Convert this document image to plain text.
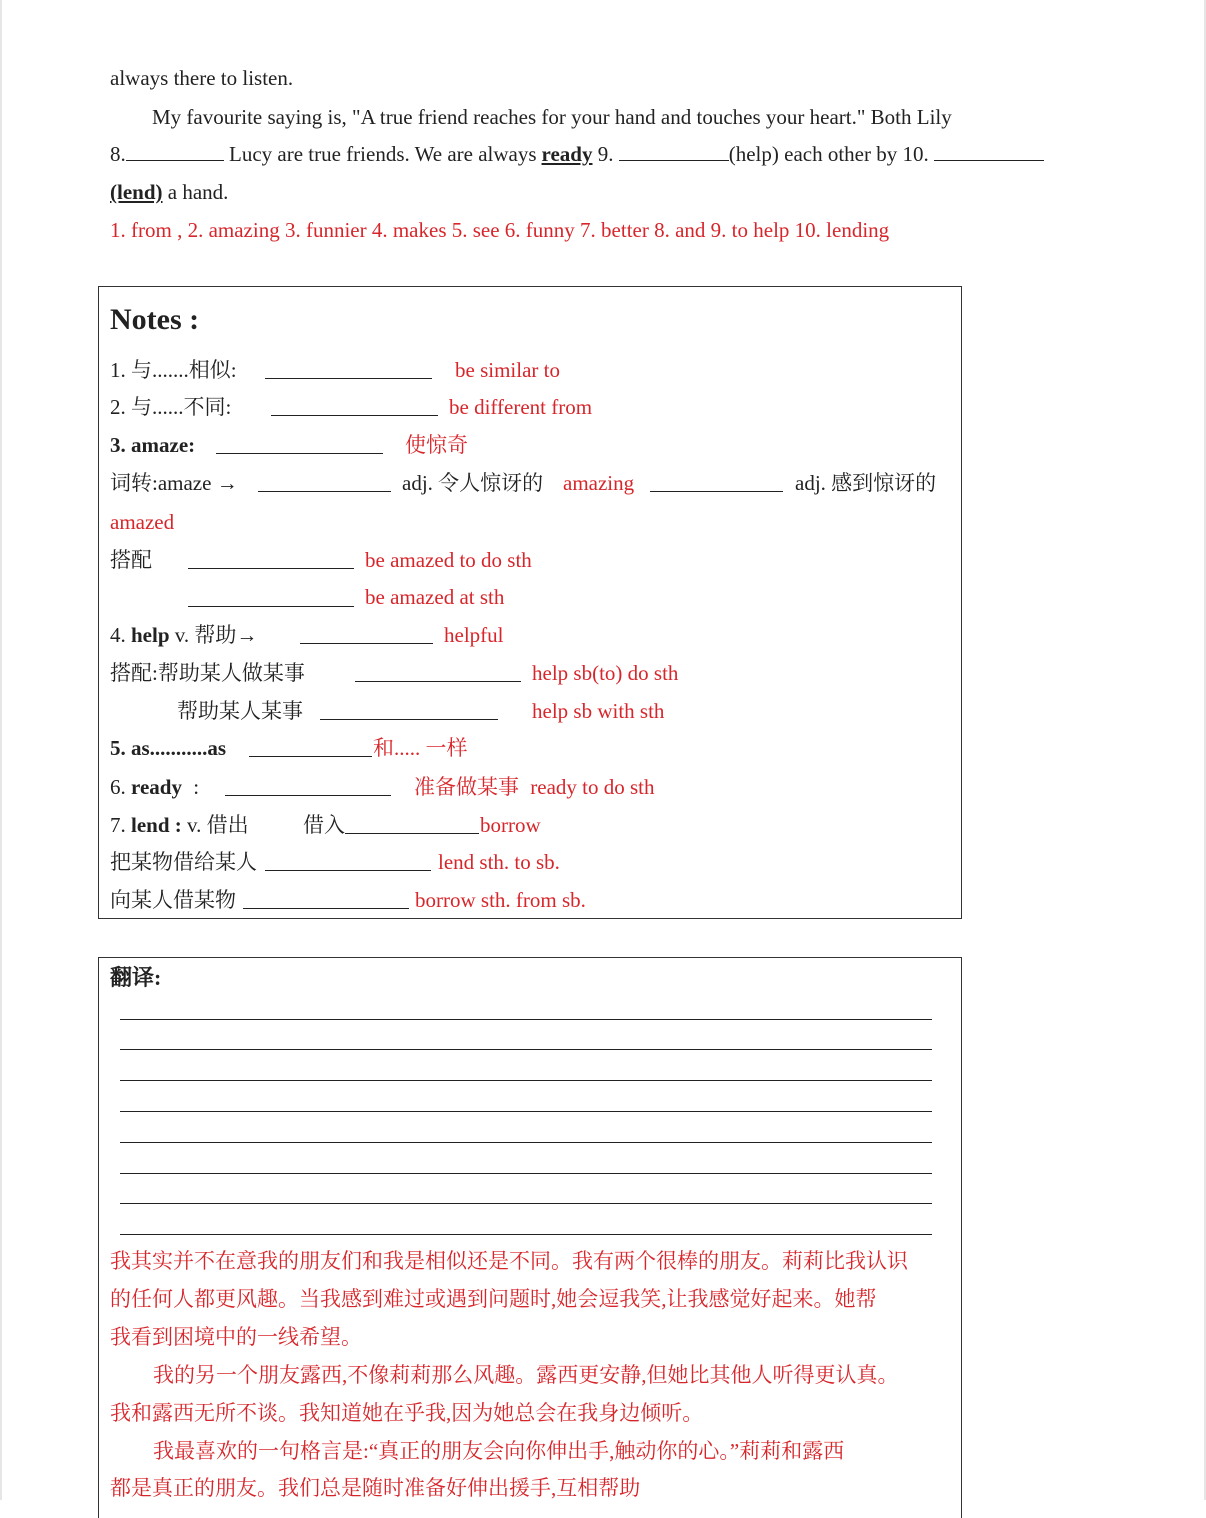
always there to listen.
My favourite saying is, "A true friend reaches for your hand and touches your heart." Both Lily
8.	Lucy are true friends. We are always ready 9.	(help) each other by 10.
(lend) a hand.
1. from , 2. amazing 3. funnier 4. makes 5. see 6. funny 7. better 8. and 9. to help 10. lending
Notes :
1. 与.......相似:	be similar to
2. 与......不同:	be different from
3. amaze:	使惊奇
词转:amaze →	adj. 令人惊讶的 amazing	adj. 感到惊讶的
amazed
搭配	be amazed to do sth
be amazed at sth
4. help v. 帮助→	helpful
搭配:帮助某人做某事	help sb(to) do sth
帮助某人某事	help sb with sth
5. as...........as	和..... 一样
6. ready :	准备做某事 ready to do sth
7. lend : v. 借出	借入	borrow
把某物借给某人	lend sth. to sb.
向某人借某物	borrow sth. from sb.
翻译:
我其实并不在意我的朋友们和我是相似还是不同。我有两个很棒的朋友。莉莉比我认识
的任何人都更风趣。当我感到难过或遇到问题时,她会逗我笑,让我感觉好起来。她帮
我看到困境中的一线希望。
我的另一个朋友露西,不像莉莉那么风趣。露西更安静,但她比其他人听得更认真。
我和露西无所不谈。我知道她在乎我,因为她总会在我身边倾听。
我最喜欢的一句格言是:“真正的朋友会向你伸出手,触动你的心。”莉莉和露西
都是真正的朋友。我们总是随时准备好伸出援手,互相帮助
